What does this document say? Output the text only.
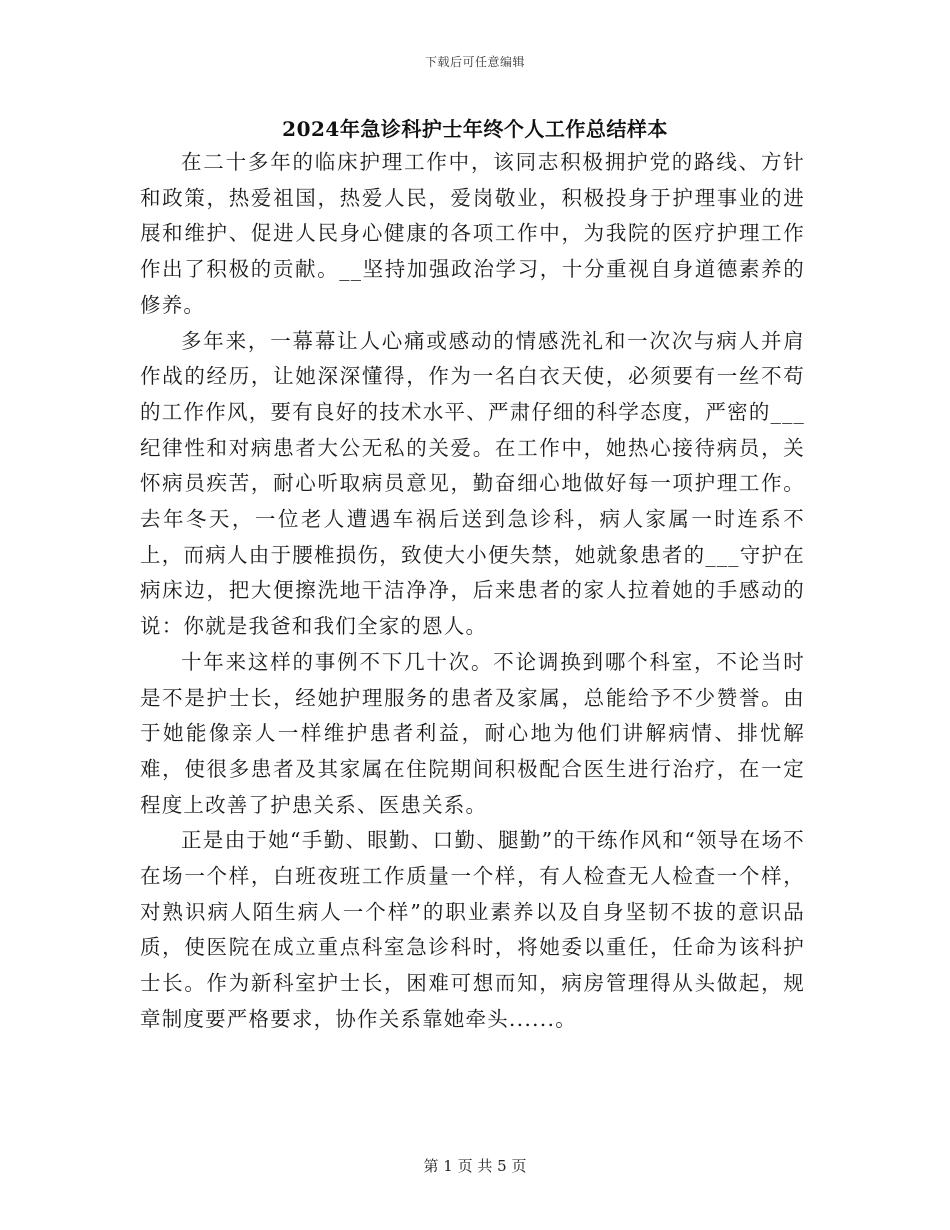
下载后可任意编辑
2024年急诊科护士年终个人工作总结样本

在二十多年的临床护理工作中，该同志积极拥护党的路线、方针和政策，热爱祖国，热爱人民，爱岗敬业，积极投身于护理事业的进展和维护、促进人民身心健康的各项工作中，为我院的医疗护理工作作出了积极的贡献。__坚持加强政治学习，十分重视自身道德素养的修养。

多年来，一幕幕让人心痛或感动的情感洗礼和一次次与病人并肩作战的经历，让她深深懂得，作为一名白衣天使，必须要有一丝不苟的工作作风，要有良好的技术水平、严肃仔细的科学态度，严密的___纪律性和对病患者大公无私的关爱。在工作中，她热心接待病员，关怀病员疾苦，耐心听取病员意见，勤奋细心地做好每一项护理工作。去年冬天，一位老人遭遇车祸后送到急诊科，病人家属一时连系不上，而病人由于腰椎损伤，致使大小便失禁，她就象患者的___守护在病床边，把大便擦洗地干洁净净，后来患者的家人拉着她的手感动的说：你就是我爸和我们全家的恩人。

十年来这样的事例不下几十次。不论调换到哪个科室，不论当时是不是护士长，经她护理服务的患者及家属，总能给予不少赞誉。由于她能像亲人一样维护患者利益，耐心地为他们讲解病情、排忧解难，使很多患者及其家属在住院期间积极配合医生进行治疗，在一定程度上改善了护患关系、医患关系。

正是由于她“手勤、眼勤、口勤、腿勤”的干练作风和“领导在场不在场一个样，白班夜班工作质量一个样，有人检查无人检查一个样，对熟识病人陌生病人一个样”的职业素养以及自身坚韧不拔的意识品质，使医院在成立重点科室急诊科时，将她委以重任，任命为该科护士长。作为新科室护士长，困难可想而知，病房管理得从头做起，规章制度要严格要求，协作关系靠她牵头......。

第 1 页 共 5 页
